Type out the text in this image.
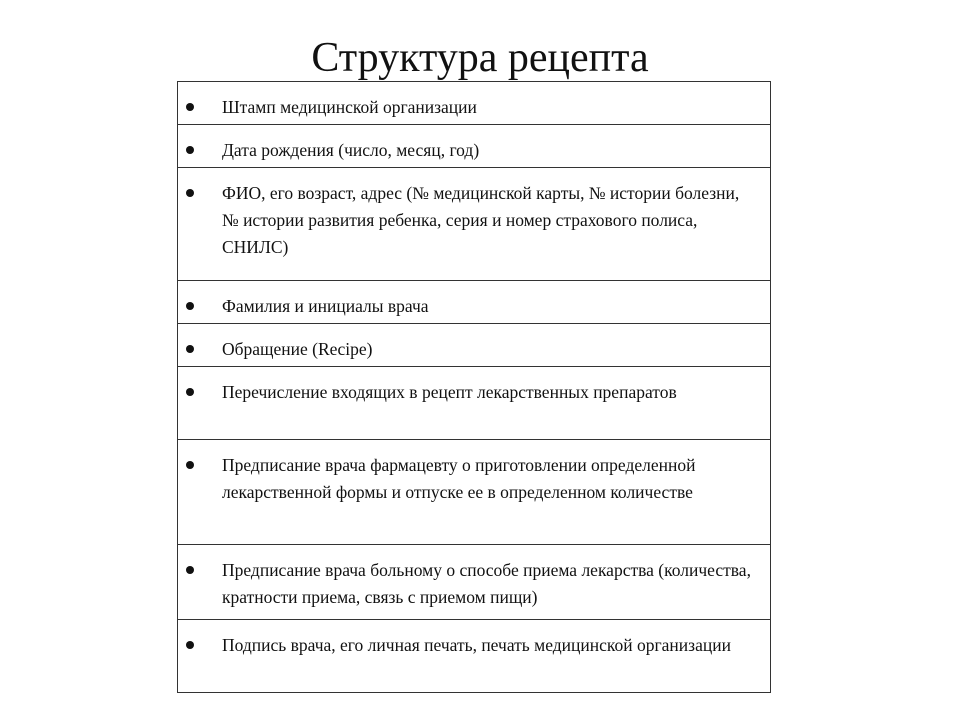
Структура рецепта
Штамп медицинской организации

Дата рождения (число, месяц, год)

ФИО, его возраст, адрес (№ медицинской карты, № истории болезни, № истории развития ребенка, серия и номер страхового полиса, СНИЛС)

Фамилия и инициалы врача

Обращение (Recipe)

Перечисление входящих в рецепт лекарственных препаратов

Предписание врача фармацевту о приготовлении определенной лекарственной формы и отпуске ее в определенном количестве

Предписание врача больному о способе приема лекарства (количества, кратности приема, связь с приемом пищи)

Подпись врача, его личная печать, печать медицинской организации
